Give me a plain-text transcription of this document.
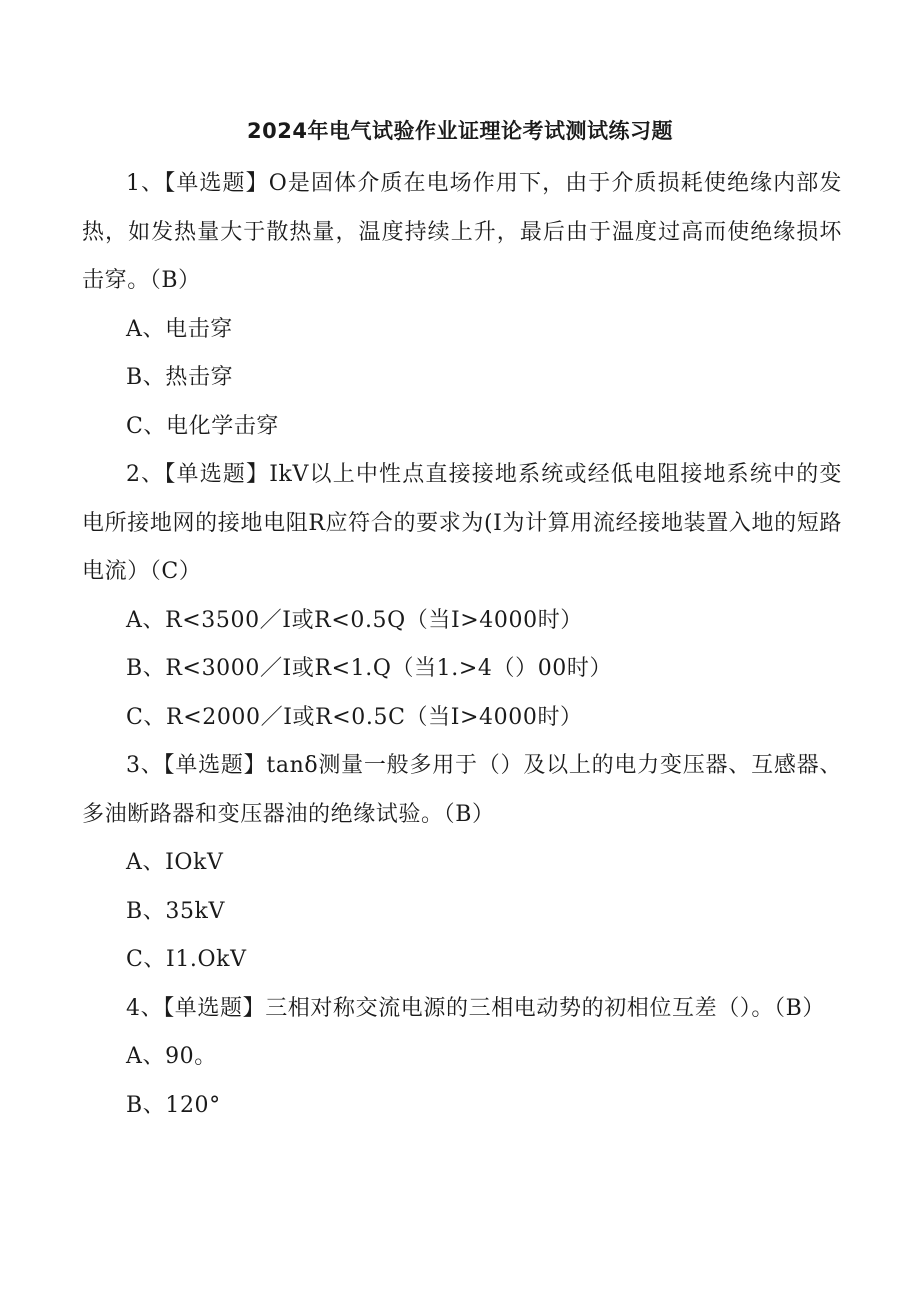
2024年电气试验作业证理论考试测试练习题

1、【单选题】O是固体介质在电场作用下，由于介质损耗使绝缘内部发热，如发热量大于散热量，温度持续上升，最后由于温度过高而使绝缘损坏击穿。（B）

A、电击穿

B、热击穿

C、电化学击穿

2、【单选题】IkV以上中性点直接接地系统或经低电阻接地系统中的变电所接地网的接地电阻R应符合的要求为(I为计算用流经接地装置入地的短路电流）（C）

A、R<3500／I或R<0.5Q（当I>4000时）

B、R<3000／I或R<1.Q（当1.>4（）00时）

C、R<2000／I或R<0.5C（当I>4000时）

3、【单选题】tanδ测量一般多用于（）及以上的电力变压器、互感器、多油断路器和变压器油的绝缘试验。（B）

A、IOkV

B、35kV

C、I1.OkV

4、【单选题】三相对称交流电源的三相电动势的初相位互差（）。（B）

A、90。

B、120°
